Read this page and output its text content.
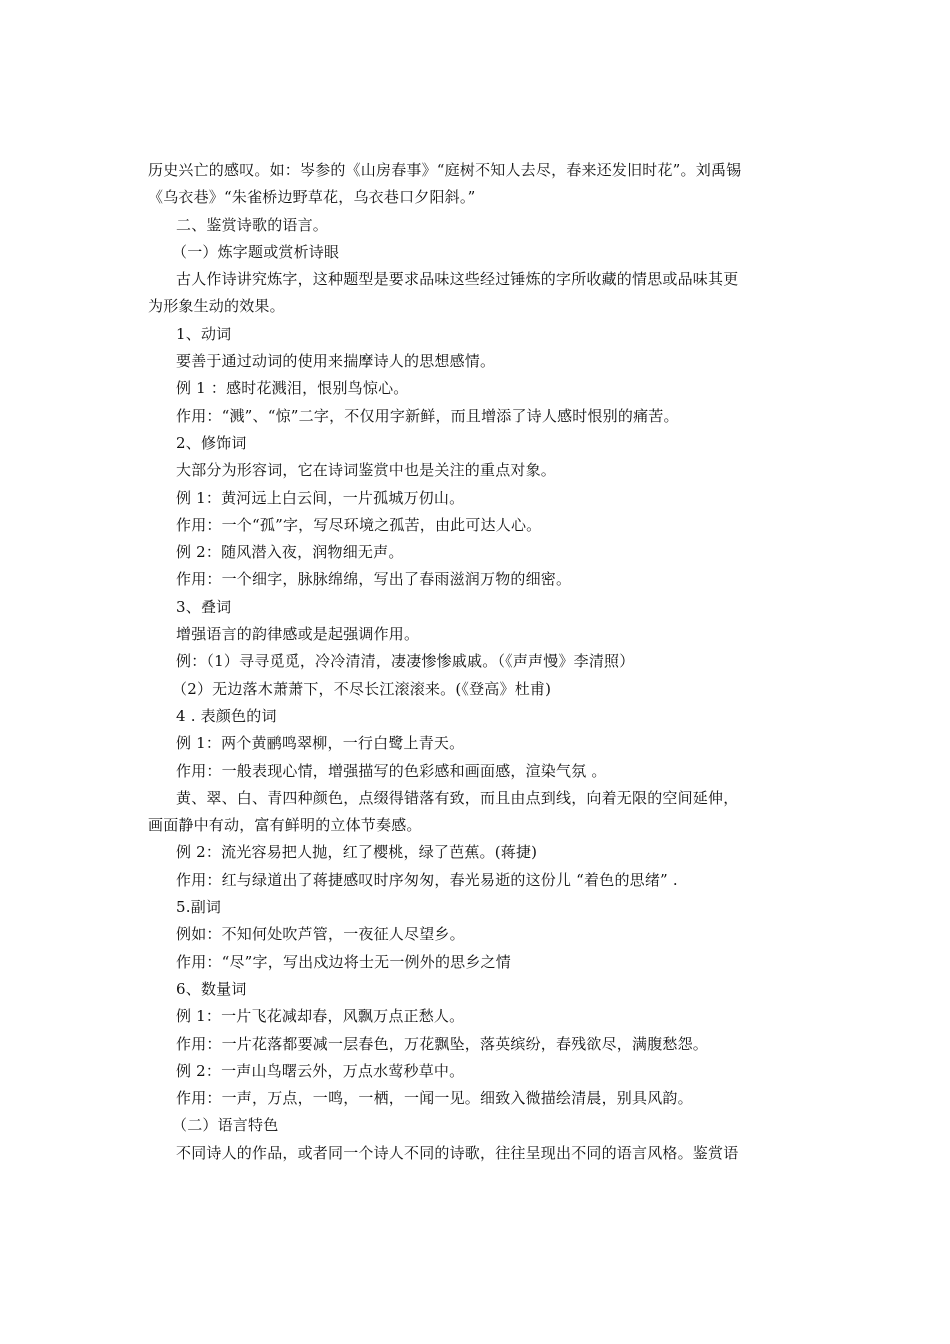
历史兴亡的感叹。如：岑参的《山房春事》“庭树不知人去尽，春来还发旧时花”。刘禹锡
《乌衣巷》“朱雀桥边野草花，乌衣巷口夕阳斜。”
二、鉴赏诗歌的语言。
（一）炼字题或赏析诗眼
古人作诗讲究炼字，这种题型是要求品味这些经过锤炼的字所收藏的情思或品味其更
为形象生动的效果。
1、动词
要善于通过动词的使用来揣摩诗人的思想感情。
例 1 ：感时花溅泪，恨别鸟惊心。
作用：“溅”、“惊”二字，不仅用字新鲜，而且增添了诗人感时恨别的痛苦。
2、修饰词
大部分为形容词，它在诗词鉴赏中也是关注的重点对象。
例 1：黄河远上白云间，一片孤城万仞山。
作用：一个“孤”字，写尽环境之孤苦，由此可达人心。
例 2：随风潜入夜，润物细无声。
作用：一个细字，脉脉绵绵，写出了春雨滋润万物的细密。
3、叠词
增强语言的韵律感或是起强调作用。
例：（1）寻寻觅觅，冷冷清清，凄凄惨惨戚戚。（《声声慢》李清照）
（2）无边落木萧萧下，不尽长江滚滚来。(《登高》杜甫)
4 . 表颜色的词
例 1：两个黄鹂鸣翠柳，一行白鹭上青天。
作用：一般表现心情，增强描写的色彩感和画面感，渲染气氛 。
黄、翠、白、青四种颜色，点缀得错落有致，而且由点到线，向着无限的空间延伸，
画面静中有动，富有鲜明的立体节奏感。
例 2：流光容易把人抛，红了樱桃，绿了芭蕉。(蒋捷)
作用：红与绿道出了蒋捷感叹时序匆匆，春光易逝的这份儿 “着色的思绪” .
5.副词
例如：不知何处吹芦管，一夜征人尽望乡。
作用：“尽”字，写出戍边将士无一例外的思乡之情
6、数量词
例 1：一片飞花减却春，风飘万点正愁人。
作用：一片花落都要减一层春色，万花飘坠，落英缤纷，春残欲尽，满腹愁怨。
例 2：一声山鸟曙云外，万点水莺秒草中。
作用：一声，万点，一鸣，一栖，一闻一见。细致入微描绘清晨，别具风韵。
（二）语言特色
不同诗人的作品，或者同一个诗人不同的诗歌，往往呈现出不同的语言风格。鉴赏语
